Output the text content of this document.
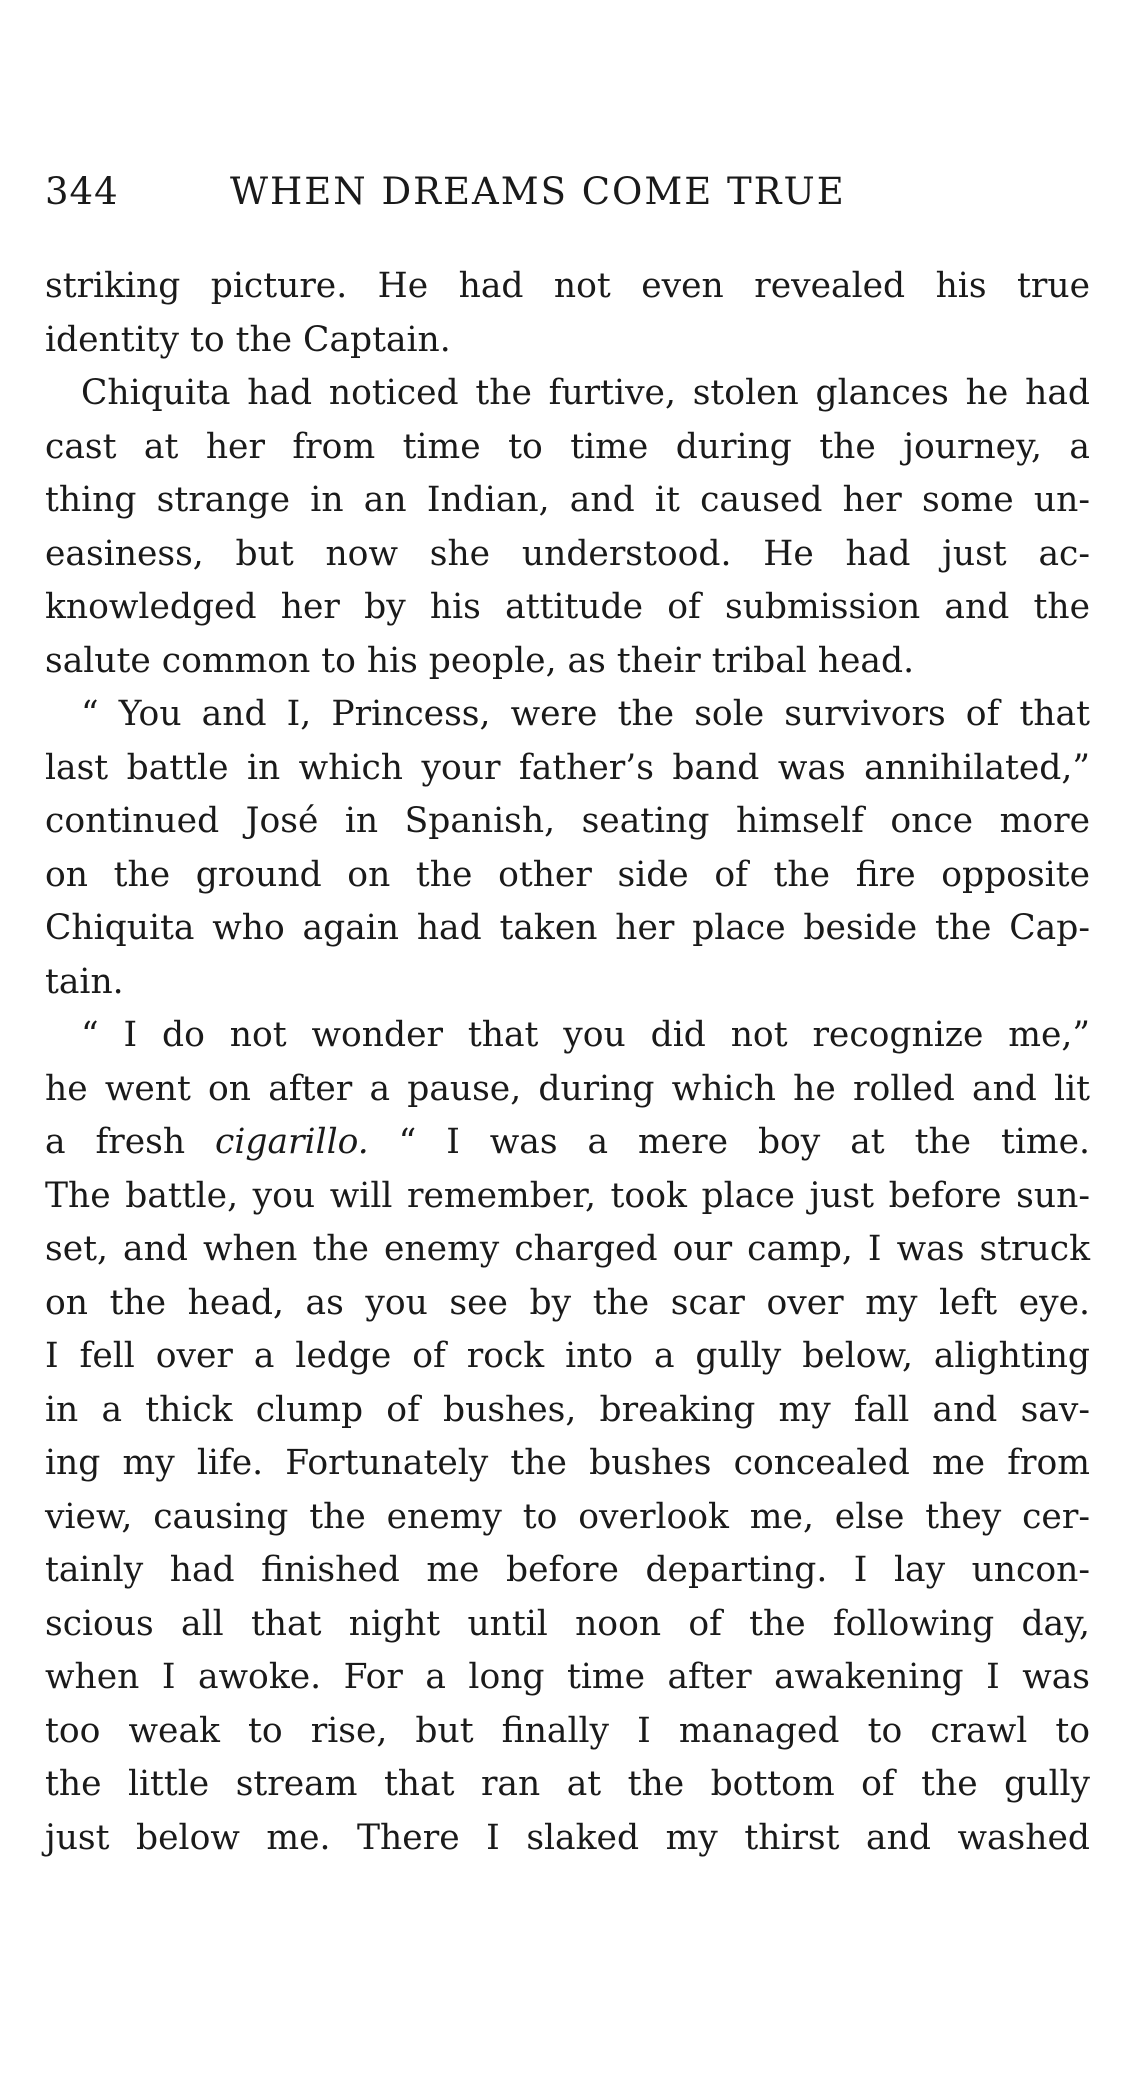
344	WHEN DREAMS COME TRUE
striking picture. He had not even revealed his true
identity to the Captain.
Chiquita had noticed the furtive, stolen glances he had
cast at her from time to time during the journey, a
thing strange in an Indian, and it caused her some un-
easiness, but now she understood. He had just ac-
knowledged her by his attitude of submission and the
salute common to his people, as their tribal head.
“ You and I, Princess, were the sole survivors of that
last battle in which your father’s band was annihilated,”
continued José in Spanish, seating himself once more
on the ground on the other side of the fire opposite
Chiquita who again had taken her place beside the Cap-
tain.
“ I do not wonder that you did not recognize me,”
he went on after a pause, during which he rolled and lit
a fresh cigarillo. “ I was a mere boy at the time.
The battle, you will remember, took place just before sun-
set, and when the enemy charged our camp, I was struck
on the head, as you see by the scar over my left eye.
I fell over a ledge of rock into a gully below, alighting
in a thick clump of bushes, breaking my fall and sav-
ing my life. Fortunately the bushes concealed me from
view, causing the enemy to overlook me, else they cer-
tainly had finished me before departing. I lay uncon-
scious all that night until noon of the following day,
when I awoke. For a long time after awakening I was
too weak to rise, but finally I managed to crawl to
the little stream that ran at the bottom of the gully
just below me. There I slaked my thirst and washed
